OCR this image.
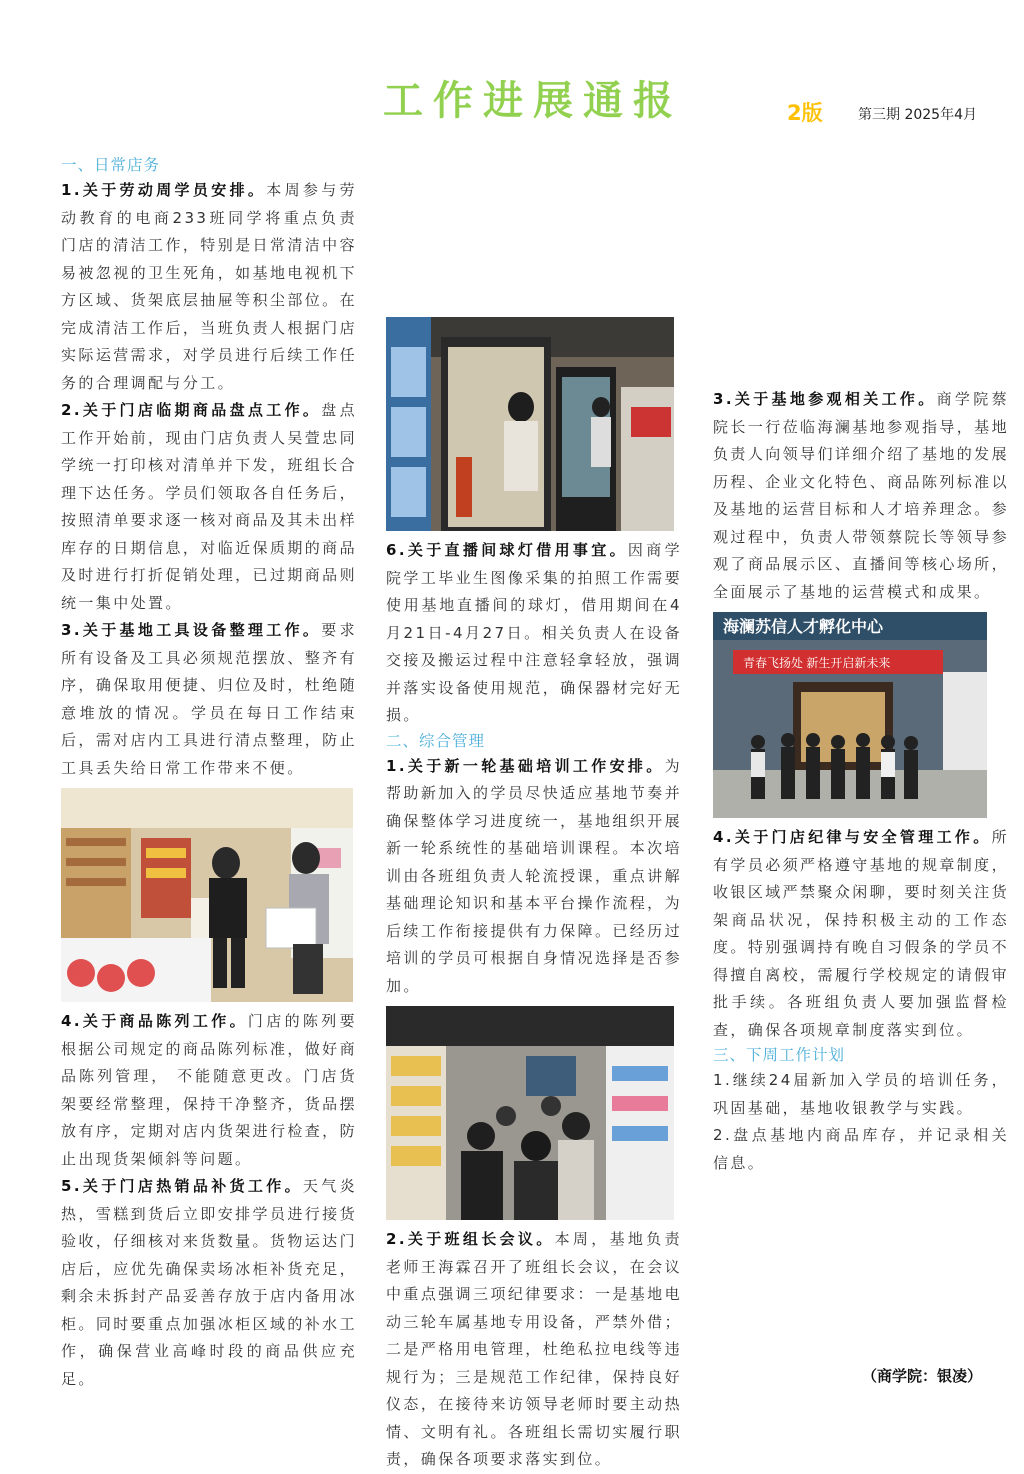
工作进展通报	2版	第三期 2025年4月
一、日常店务

1.关于劳动周学员安排。本周参与劳动教育的电商233班同学将重点负责门店的清洁工作，特别是日常清洁中容易被忽视的卫生死角，如基地电视机下方区域、货架底层抽屉等积尘部位。在完成清洁工作后，当班负责人根据门店实际运营需求，对学员进行后续工作任务的合理调配与分工。

2.关于门店临期商品盘点工作。盘点工作开始前，现由门店负责人吴萱忠同学统一打印核对清单并下发，班组长合理下达任务。学员们领取各自任务后，按照清单要求逐一核对商品及其未出样库存的日期信息，对临近保质期的商品及时进行打折促销处理，已过期商品则统一集中处置。

3.关于基地工具设备整理工作。要求所有设备及工具必须规范摆放、整齐有序，确保取用便捷、归位及时，杜绝随意堆放的情况。学员在每日工作结束后，需对店内工具进行清点整理，防止工具丢失给日常工作带来不便。

4.关于商品陈列工作。门店的陈列要根据公司规定的商品陈列标准，做好商品陈列管理， 不能随意更改。门店货架要经常整理，保持干净整齐，货品摆放有序，定期对店内货架进行检查，防止出现货架倾斜等问题。

5.关于门店热销品补货工作。天气炎热，雪糕到货后立即安排学员进行接货验收，仔细核对来货数量。货物运达门店后，应优先确保卖场冰柜补货充足，剩余未拆封产品妥善存放于店内备用冰柜。同时要重点加强冰柜区域的补水工作，确保营业高峰时段的商品供应充足。

6.关于直播间球灯借用事宜。因商学院学工毕业生图像采集的拍照工作需要使用基地直播间的球灯，借用期间在4月21日-4月27日。相关负责人在设备交接及搬运过程中注意轻拿轻放，强调并落实设备使用规范，确保器材完好无损。

二、综合管理

1.关于新一轮基础培训工作安排。为帮助新加入的学员尽快适应基地节奏并确保整体学习进度统一，基地组织开展新一轮系统性的基础培训课程。本次培训由各班组负责人轮流授课，重点讲解基础理论知识和基本平台操作流程，为后续工作衔接提供有力保障。已经历过培训的学员可根据自身情况选择是否参加。

2.关于班组长会议。本周，基地负责老师王海霖召开了班组长会议，在会议中重点强调三项纪律要求：一是基地电动三轮车属基地专用设备，严禁外借；二是严格用电管理，杜绝私拉电线等违规行为；三是规范工作纪律，保持良好仪态，在接待来访领导老师时要主动热情、文明有礼。各班组长需切实履行职责，确保各项要求落实到位。

3.关于基地参观相关工作。商学院蔡院长一行莅临海澜基地参观指导，基地负责人向领导们详细介绍了基地的发展历程、企业文化特色、商品陈列标准以及基地的运营目标和人才培养理念。参观过程中，负责人带领蔡院长等领导参观了商品展示区、直播间等核心场所，全面展示了基地的运营模式和成果。

海澜苏信人才孵化中心
青春飞扬处 新生开启新未来

4.关于门店纪律与安全管理工作。所有学员必须严格遵守基地的规章制度，收银区域严禁聚众闲聊，要时刻关注货架商品状况，保持积极主动的工作态度。特别强调持有晚自习假条的学员不得擅自离校，需履行学校规定的请假审批手续。各班组负责人要加强监督检查，确保各项规章制度落实到位。

三、下周工作计划

1.继续24届新加入学员的培训任务，巩固基础，基地收银教学与实践。

2.盘点基地内商品库存，并记录相关信息。

（商学院：银凌）
